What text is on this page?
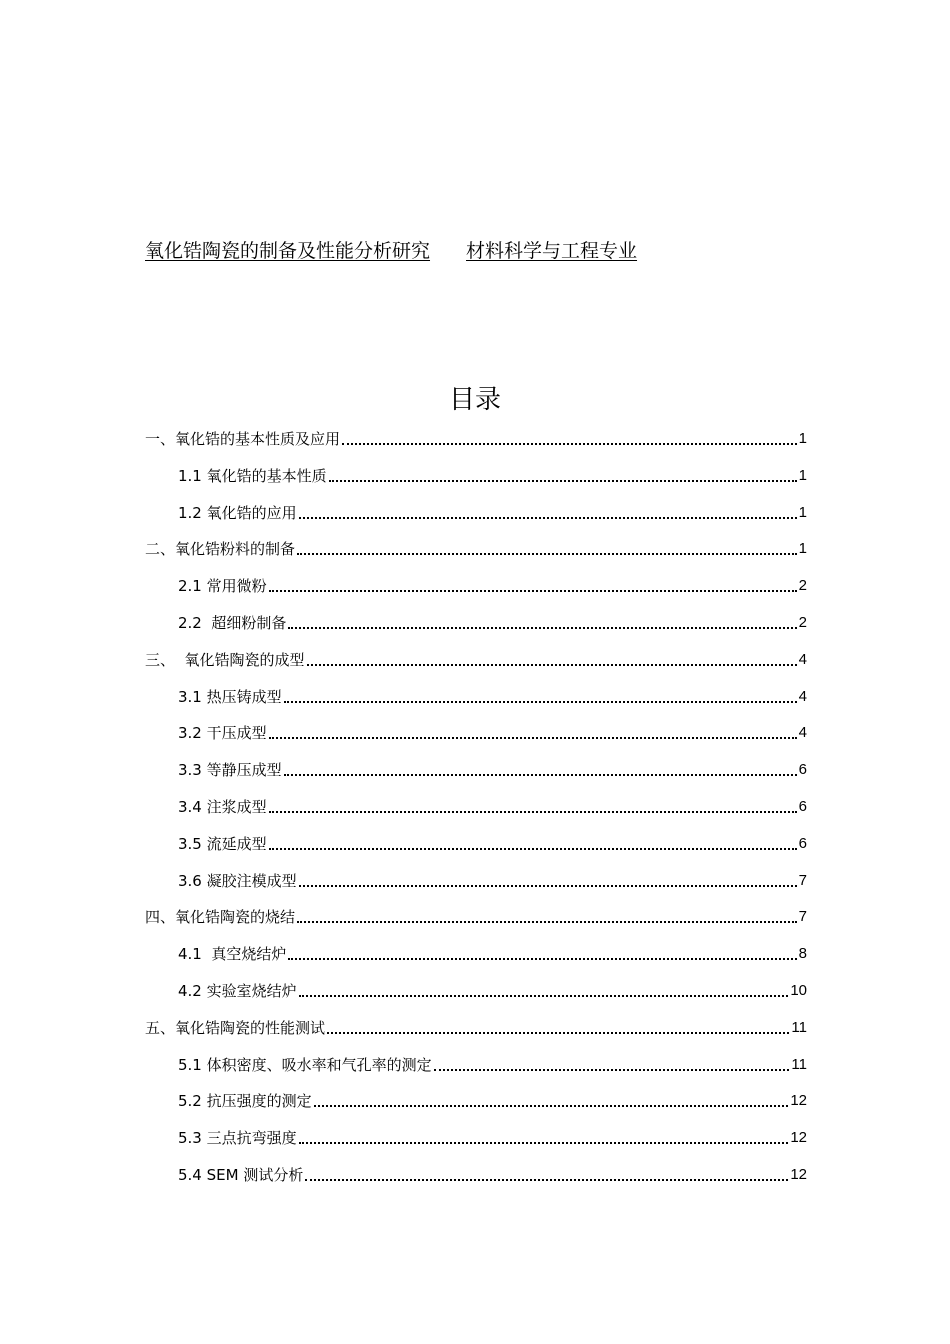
氧化锆陶瓷的制备及性能分析研究 材料科学与工程专业
目录
一、氧化锆的基本性质及应用	1
1.1 氧化锆的基本性质	1
1.2 氧化锆的应用	1
二、氧化锆粉料的制备	1
2.1 常用微粉	2
2.2  超细粉制备	2
三、  氧化锆陶瓷的成型	4
3.1 热压铸成型	4
3.2 干压成型	4
3.3 等静压成型	6
3.4 注浆成型	6
3.5 流延成型	6
3.6 凝胶注模成型	7
四、氧化锆陶瓷的烧结	7
4.1  真空烧结炉	8
4.2 实验室烧结炉	10
五、氧化锆陶瓷的性能测试	11
5.1 体积密度、吸水率和气孔率的测定	11
5.2 抗压强度的测定	12
5.3 三点抗弯强度	12
5.4 SEM 测试分析	12
